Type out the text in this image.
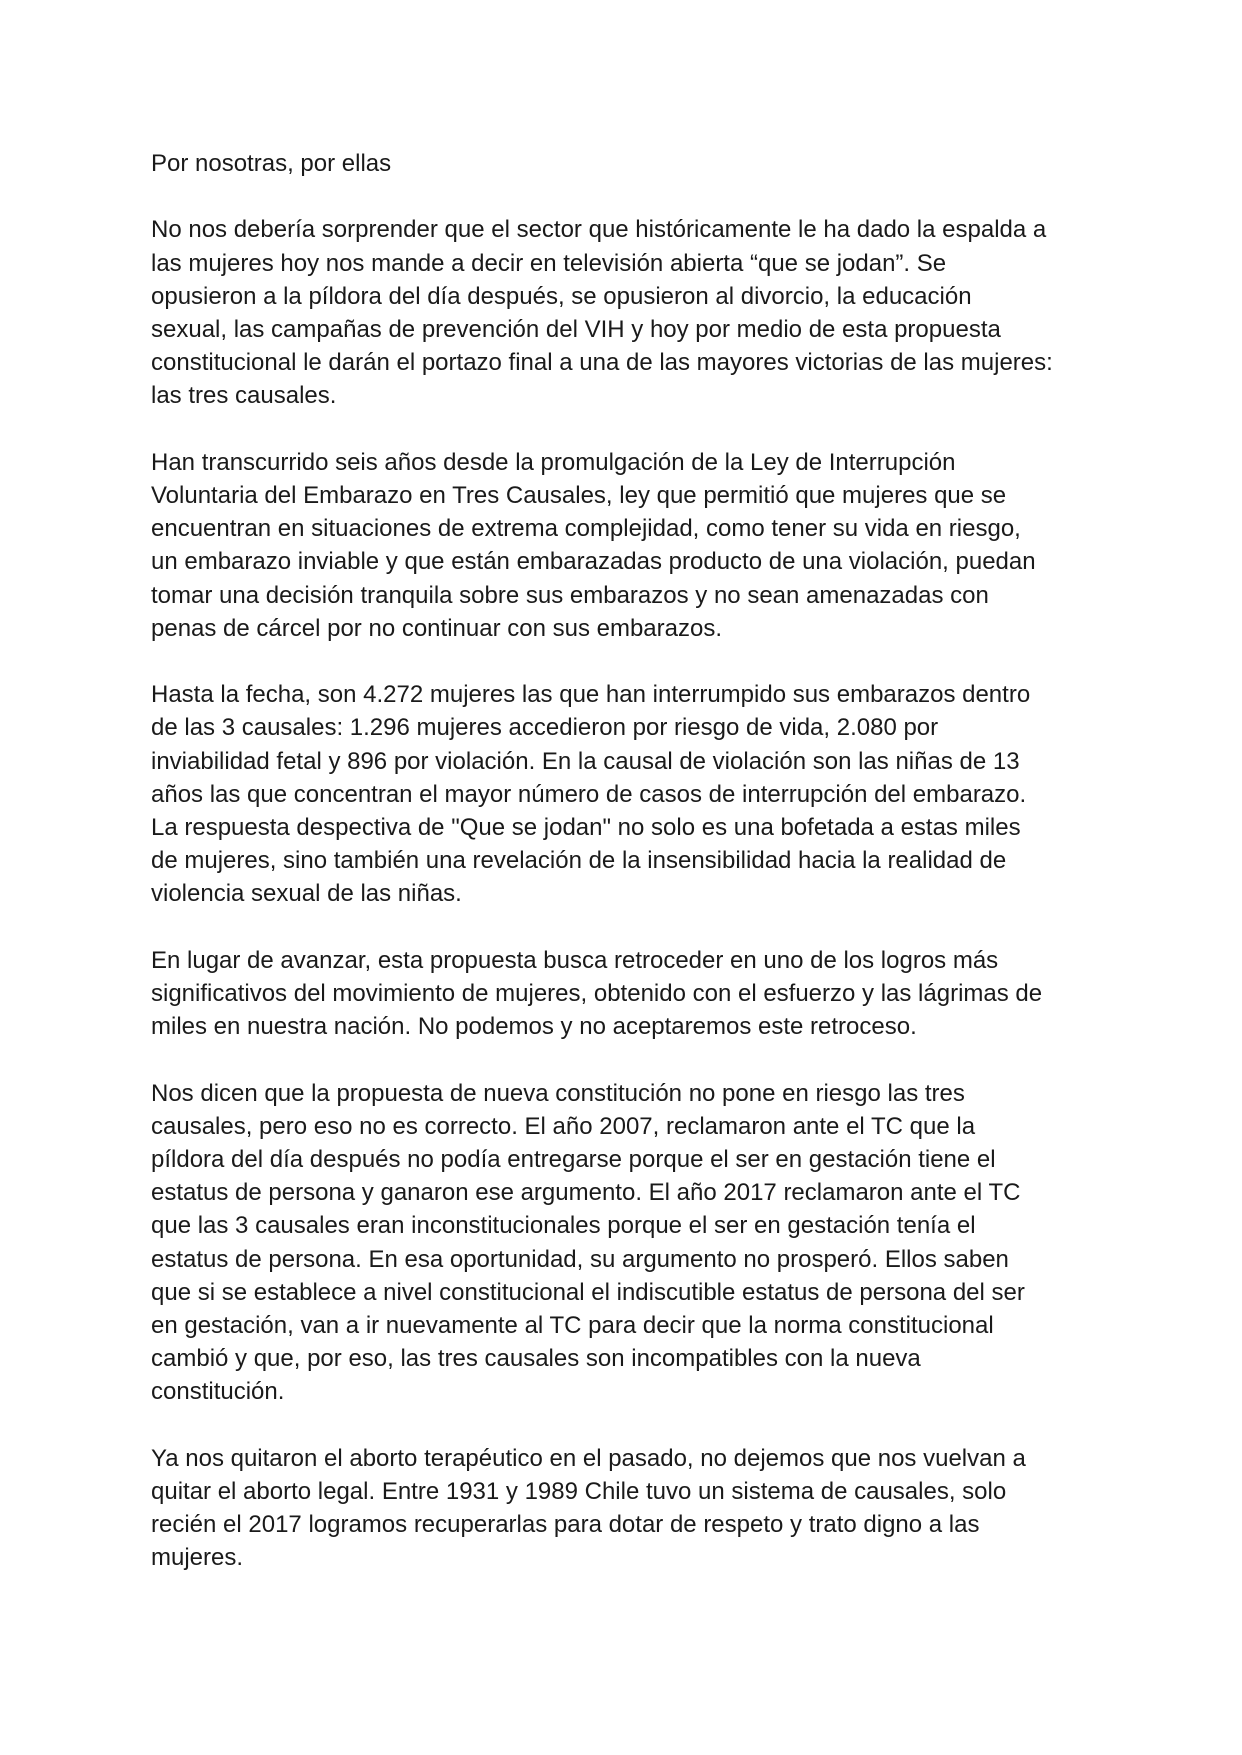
Por nosotras, por ellas
No nos debería sorprender que el sector que históricamente le ha dado la espalda a
las mujeres hoy nos mande a decir en televisión abierta “que se jodan”. Se
opusieron a la píldora del día después, se opusieron al divorcio, la educación
sexual, las campañas de prevención del VIH y hoy por medio de esta propuesta
constitucional le darán el portazo final a una de las mayores victorias de las mujeres:
las tres causales.
Han transcurrido seis años desde la promulgación de la Ley de Interrupción
Voluntaria del Embarazo en Tres Causales, ley que permitió que mujeres que se
encuentran en situaciones de extrema complejidad, como tener su vida en riesgo,
un embarazo inviable y que están embarazadas producto de una violación, puedan
tomar una decisión tranquila sobre sus embarazos y no sean amenazadas con
penas de cárcel por no continuar con sus embarazos.
Hasta la fecha, son 4.272 mujeres las que han interrumpido sus embarazos dentro
de las 3 causales: 1.296 mujeres accedieron por riesgo de vida, 2.080 por
inviabilidad fetal y 896 por violación. En la causal de violación son las niñas de 13
años las que concentran el mayor número de casos de interrupción del embarazo.
La respuesta despectiva de "Que se jodan" no solo es una bofetada a estas miles
de mujeres, sino también una revelación de la insensibilidad hacia la realidad de
violencia sexual de las niñas.
En lugar de avanzar, esta propuesta busca retroceder en uno de los logros más
significativos del movimiento de mujeres, obtenido con el esfuerzo y las lágrimas de
miles en nuestra nación. No podemos y no aceptaremos este retroceso.
Nos dicen que la propuesta de nueva constitución no pone en riesgo las tres
causales, pero eso no es correcto. El año 2007, reclamaron ante el TC que la
píldora del día después no podía entregarse porque el ser en gestación tiene el
estatus de persona y ganaron ese argumento. El año 2017 reclamaron ante el TC
que las 3 causales eran inconstitucionales porque el ser en gestación tenía el
estatus de persona. En esa oportunidad, su argumento no prosperó. Ellos saben
que si se establece a nivel constitucional el indiscutible estatus de persona del ser
en gestación, van a ir nuevamente al TC para decir que la norma constitucional
cambió y que, por eso, las tres causales son incompatibles con la nueva
constitución.
Ya nos quitaron el aborto terapéutico en el pasado, no dejemos que nos vuelvan a
quitar el aborto legal. Entre 1931 y 1989 Chile tuvo un sistema de causales, solo
recién el 2017 logramos recuperarlas para dotar de respeto y trato digno a las
mujeres.
